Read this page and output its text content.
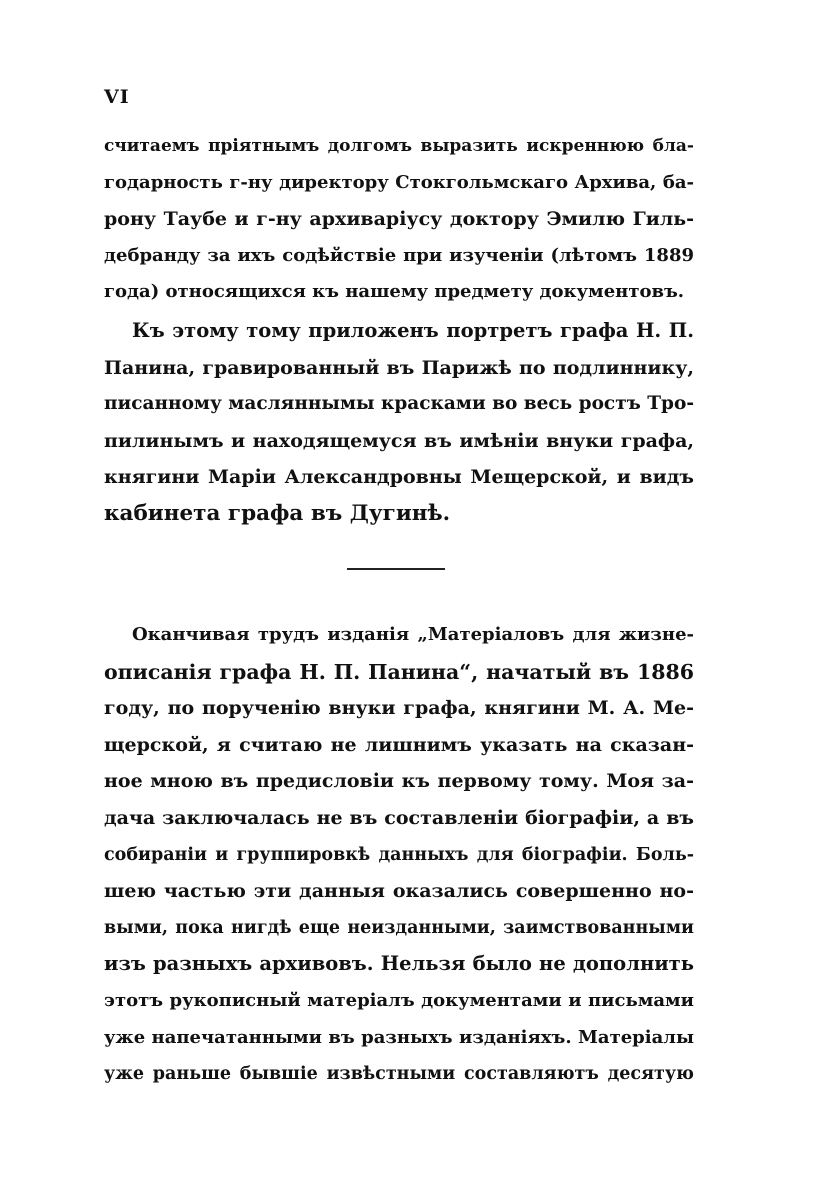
VI
считаемъ пріятнымъ долгомъ выразить искреннюю бла-
годарность г-ну директору Стокгольмскаго Архива, ба-
рону Таубе и г-ну архиваріусу доктору Эмилю Гиль-
дебранду за ихъ содѣйствіе при изученіи (лѣтомъ 1889
года) относящихся къ нашему предмету документовъ.
Къ этому тому приложенъ портретъ графа Н. П.
Панина, гравированный въ Парижѣ по подлиннику,
писанному масляннымы красками во весь ростъ Тро-
пилинымъ и находящемуся въ имѣніи внуки графа,
княгини Маріи Александровны Мещерской, и видъ
кабинета графа въ Дугинѣ.
Оканчивая трудъ изданія „Матеріаловъ для жизне-
описанія графа Н. П. Панина“, начатый въ 1886
году, по порученію внуки графа, княгини М. А. Ме-
щерской, я считаю не лишнимъ указать на сказан-
ное мною въ предисловіи къ первому тому. Моя за-
дача заключалась не въ составленіи біографіи, а въ
собираніи и группировкѣ данныхъ для біографіи. Боль-
шею частью эти данныя оказались совершенно но-
выми, пока нигдѣ еще неизданными, заимствованными
изъ разныхъ архивовъ. Нельзя было не дополнить
этотъ рукописный матеріалъ документами и письмами
уже напечатанными въ разныхъ изданіяхъ. Матеріалы
уже раньше бывшіе извѣстными составляютъ десятую
